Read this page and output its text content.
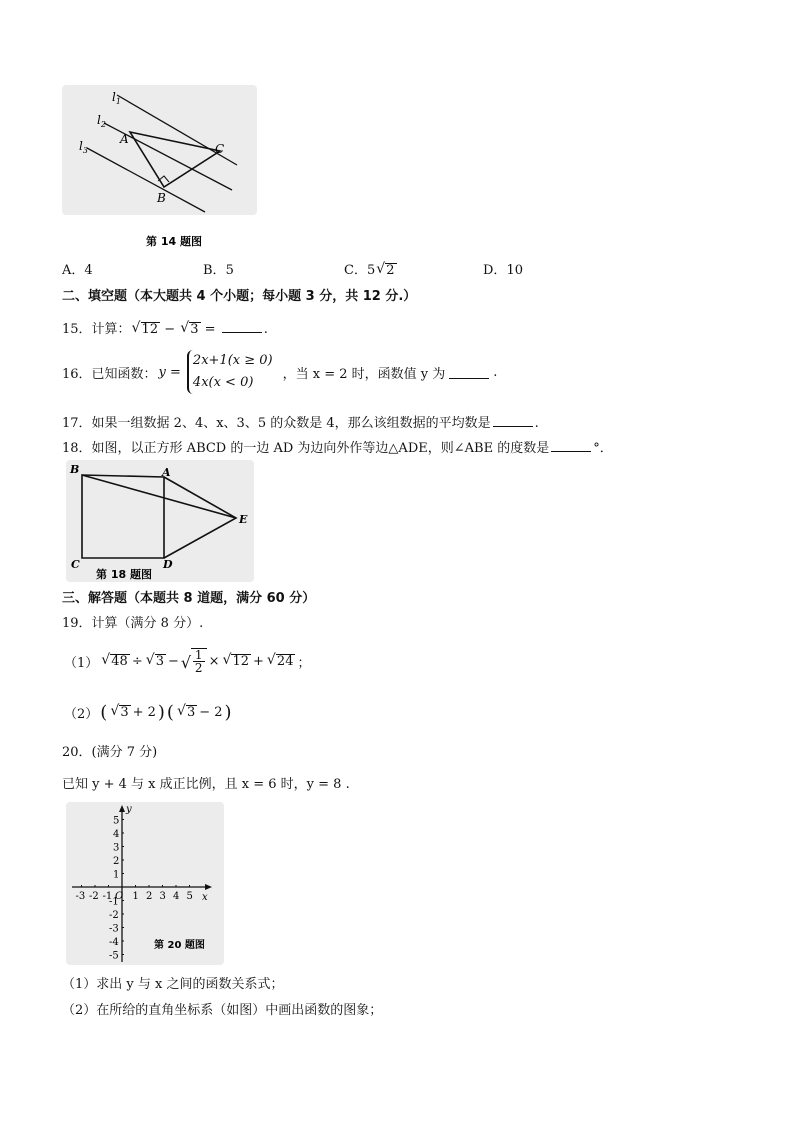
$l_1$
$l_2$
$l_3$
A
B
C
第 14 题图
A．4	B．5	C．5 √ 2	D．10
二、填空题（本大题共 4 个小题；每小题 3 分，共 12 分.）
15．计算： √ 12 − √ 3 =	.
16．已知函数： y =
2x+1(x ≥ 0)
4x(x < 0)
，当 x = 2 时，函数值 y 为	.
17．如果一组数据 2、4、x、3、5 的众数是 4，那么该组数据的平均数是	.
18．如图，以正方形 ABCD 的一边 AD 为边向外作等边△ADE，则∠ABE 的度数是	°．
B	A
E
C	D
第 18 题图
三、解答题（本题共 8 道题，满分 60 分）
19．计算（满分 8 分）.
（1） √ 48 ÷ √ 3 − √ $\frac{1}{2}$ × √ 12 + √ 24 ；
（2） ( √ 3 + 2 ) ( √ 3 − 2 )
20．(满分 7 分)
已知 y + 4 与 x 成正比例，且 x = 6 时，y = 8 .
y
x
O
-3 -2 -1 1 2 3 4 5
5
4
3
2
1
-1
-2
-3
-4
-5
第 20 题图
（1）求出 y 与 x 之间的函数关系式；
（2）在所给的直角坐标系（如图）中画出函数的图象；
